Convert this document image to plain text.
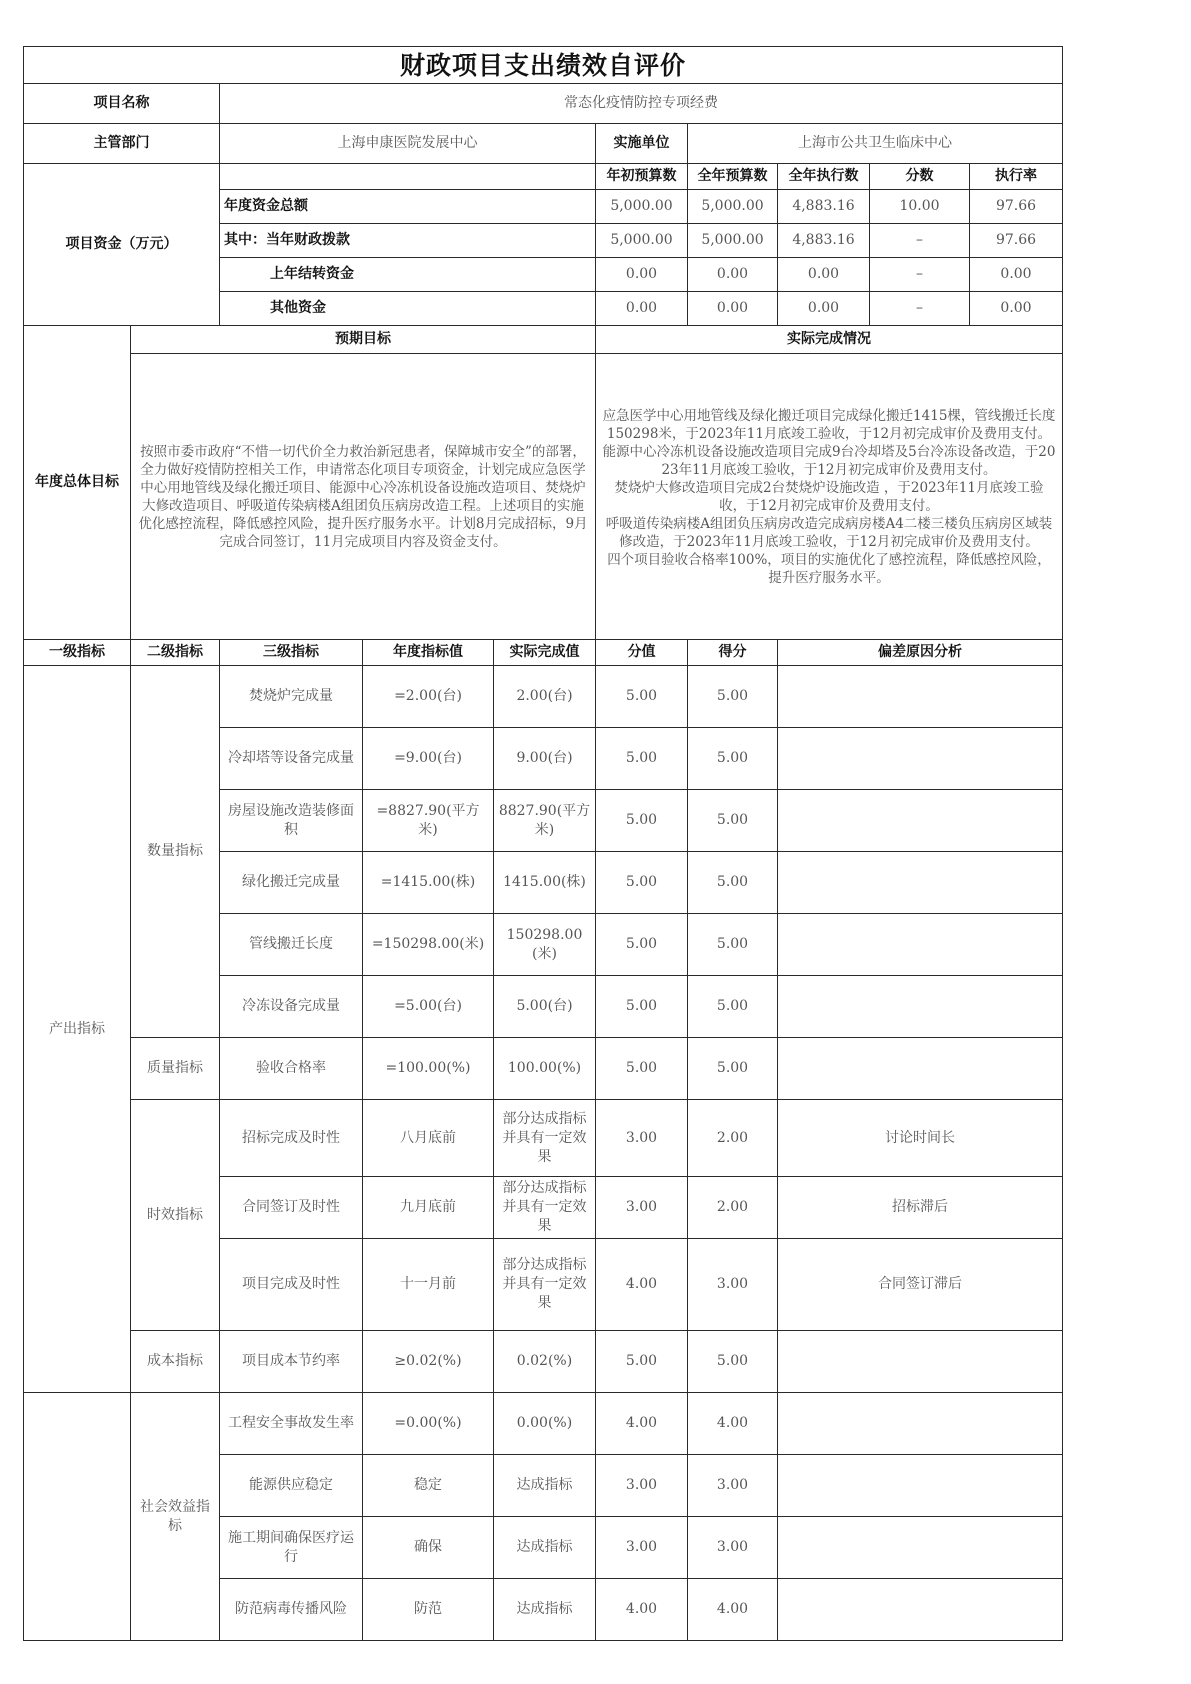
财政项目支出绩效自评价						
项目名称	常态化疫情防控专项经费					
主管部门	上海申康医院发展中心	实施单位	上海市公共卫生临床中心			
项目资金（万元）		年初预算数	全年预算数	全年执行数	分数	执行率
	年度资金总额	5,000.00	5,000.00	4,883.16	10.00	97.66
	其中：当年财政拨款	5,000.00	5,000.00	4,883.16	–	97.66
	上年结转资金	0.00	0.00	0.00	–	0.00
	其他资金	0.00	0.00	0.00	–	0.00
年度总体目标	预期目标				实际完成情况		
	按照市委市政府“不惜一切代价全力救治新冠患者，保障城市安全”的部署，全力做好疫情防控相关工作，申请常态化项目专项资金，计划完成应急医学中心用地管线及绿化搬迁项目、能源中心冷冻机设备设施改造项目、焚烧炉大修改造项目、呼吸道传染病楼A组团负压病房改造工程。上述项目的实施优化感控流程，降低感控风险，提升医疗服务水平。计划8月完成招标，9月完成合同签订，11月完成项目内容及资金支付。				应急医学中心用地管线及绿化搬迁项目完成绿化搬迁1415棵，管线搬迁长度150298米，于2023年11月底竣工验收，于12月初完成审价及费用支付。
能源中心冷冻机设备设施改造项目完成9台冷却塔及5台冷冻设备改造，于2023年11月底竣工验收，于12月初完成审价及费用支付。
焚烧炉大修改造项目完成2台焚烧炉设施改造 ，于2023年11月底竣工验收，于12月初完成审价及费用支付。
呼吸道传染病楼A组团负压病房改造完成病房楼A4二楼三楼负压病房区域装修改造，于2023年11月底竣工验收，于12月初完成审价及费用支付。
四个项目验收合格率100%，项目的实施优化了感控流程，降低感控风险，提升医疗服务水平。		

一级指标	二级指标	三级指标	年度指标值	实际完成值	分值	得分	偏差原因分析
产出指标	数量指标	焚烧炉完成量	=2.00(台)	2.00(台)	5.00	5.00	
		冷却塔等设备完成量	=9.00(台)	9.00(台)	5.00	5.00	
		房屋设施改造装修面积	=8827.90(平方米)	8827.90(平方米)	5.00	5.00	
		绿化搬迁完成量	=1415.00(株)	1415.00(株)	5.00	5.00	
		管线搬迁长度	=150298.00(米)	150298.00(米)	5.00	5.00	
		冷冻设备完成量	=5.00(台)	5.00(台)	5.00	5.00	
	质量指标	验收合格率	=100.00(%)	100.00(%)	5.00	5.00	
	时效指标	招标完成及时性	八月底前	部分达成指标并具有一定效果	3.00	2.00	讨论时间长
		合同签订及时性	九月底前	部分达成指标并具有一定效果	3.00	2.00	招标滞后
		项目完成及时性	十一月前	部分达成指标并具有一定效果	4.00	3.00	合同签订滞后
	成本指标	项目成本节约率	≥0.02(%)	0.02(%)	5.00	5.00	
	社会效益指标	工程安全事故发生率	=0.00(%)	0.00(%)	4.00	4.00	
		能源供应稳定	稳定	达成指标	3.00	3.00	
		施工期间确保医疗运行	确保	达成指标	3.00	3.00	
		防范病毒传播风险	防范	达成指标	4.00	4.00	
